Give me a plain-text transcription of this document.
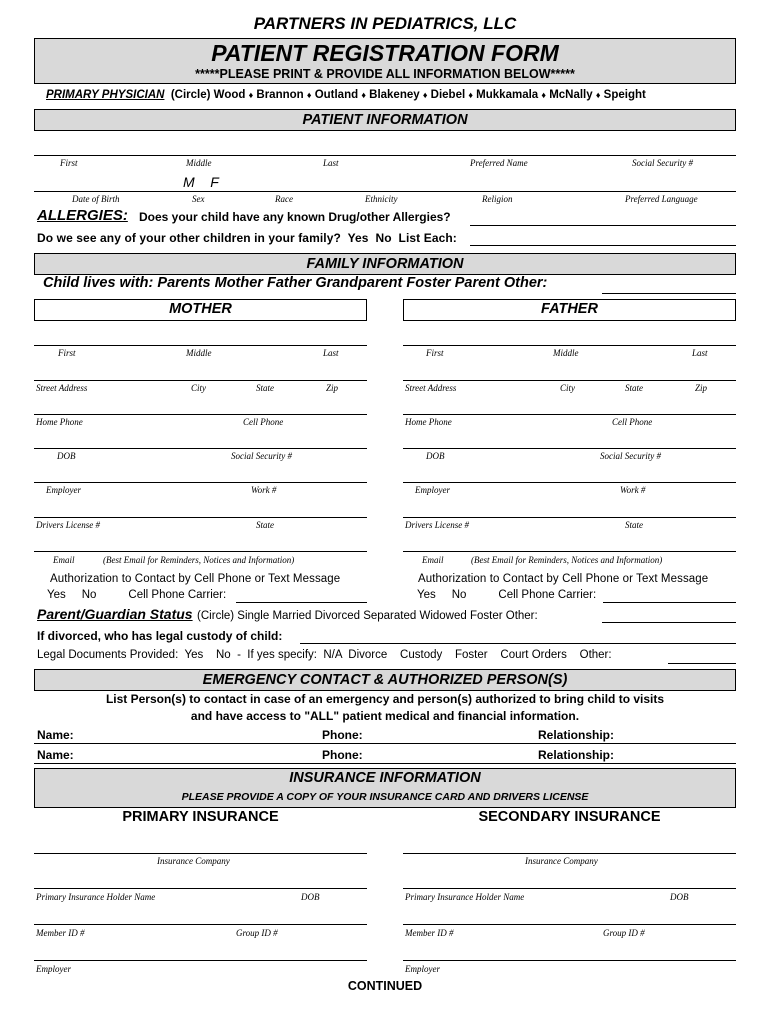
PARTNERS IN PEDIATRICS, LLC
PATIENT REGISTRATION FORM
*****PLEASE PRINT & PROVIDE ALL INFORMATION BELOW*****
PRIMARY PHYSICIAN (Circle) Wood ♦ Brannon ♦ Outland ♦ Blakeney ♦ Diebel ♦ Mukkamala ♦ McNally ♦ Speight
PATIENT INFORMATION
First	Middle	Last	Preferred Name	Social Security #
M    F
Date of Birth	Sex	Race	Ethnicity	Religion	Preferred Language
ALLERGIES: Does your child have any known Drug/other Allergies?
Do we see any of your other children in your family? Yes No List Each:
FAMILY INFORMATION
Child lives with: Parents Mother Father Grandparent Foster Parent Other:
MOTHER	FATHER
First	Middle	Last
Street Address	City	State	Zip
Home Phone	Cell Phone
DOB	Social Security #
Employer	Work #
Drivers License #	State
Email	(Best Email for Reminders, Notices and Information)
Authorization to Contact by Cell Phone or Text Message
Yes No	Cell Phone Carrier:
First	Middle	Last
Street Address	City	State	Zip
Home Phone	Cell Phone
DOB	Social Security #
Employer	Work #
Drivers License #	State
Email	(Best Email for Reminders, Notices and Information)
Authorization to Contact by Cell Phone or Text Message
Yes No	Cell Phone Carrier:
Parent/Guardian Status (Circle) Single Married Divorced Separated Widowed Foster Other:
If divorced, who has legal custody of child:
Legal Documents Provided:  Yes    No  -  If yes specify:  N/A  Divorce    Custody    Foster    Court Orders    Other:
EMERGENCY CONTACT & AUTHORIZED PERSON(S)
List Person(s) to contact in case of an emergency and person(s) authorized to bring child to visits
and have access to "ALL" patient medical and financial information.
Name:	Phone:	Relationship:
Name:	Phone:	Relationship:
INSURANCE INFORMATION
PLEASE PROVIDE A COPY OF YOUR INSURANCE CARD AND DRIVERS LICENSE
PRIMARY INSURANCE	SECONDARY INSURANCE
Insurance Company
Primary Insurance Holder Name	DOB
Member ID #	Group ID #
Employer
Insurance Company
Primary Insurance Holder Name	DOB
Member ID #	Group ID #
Employer
CONTINUED
